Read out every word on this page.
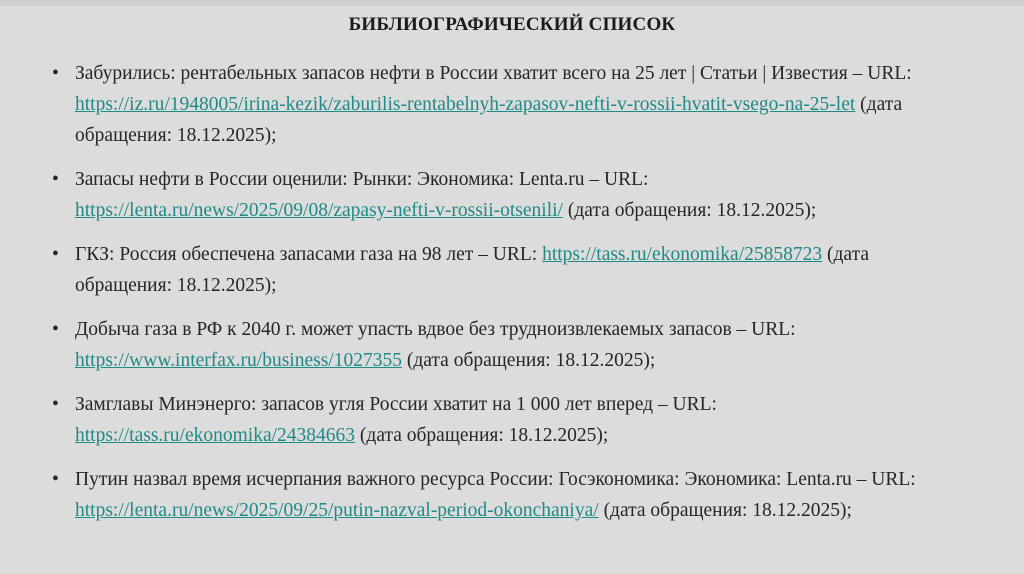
БИБЛИОГРАФИЧЕСКИЙ СПИСОК
• Забурились: рентабельных запасов нефти в России хватит всего на 25 лет | Статьи | Известия – URL: https://iz.ru/1948005/irina-kezik/zaburilis-rentabelnyh-zapasov-nefti-v-rossii-hvatit-vsego-na-25-let (дата обращения: 18.12.2025);
• Запасы нефти в России оценили: Рынки: Экономика: Lenta.ru – URL: https://lenta.ru/news/2025/09/08/zapasy-nefti-v-rossii-otsenili/ (дата обращения: 18.12.2025);
• ГКЗ: Россия обеспечена запасами газа на 98 лет – URL: https://tass.ru/ekonomika/25858723 (дата обращения: 18.12.2025);
• Добыча газа в РФ к 2040 г. может упасть вдвое без трудноизвлекаемых запасов – URL: https://www.interfax.ru/business/1027355 (дата обращения: 18.12.2025);
• Замглавы Минэнерго: запасов угля России хватит на 1 000 лет вперед – URL: https://tass.ru/ekonomika/24384663 (дата обращения: 18.12.2025);
• Путин назвал время исчерпания важного ресурса России: Госэкономика: Экономика: Lenta.ru – URL: https://lenta.ru/news/2025/09/25/putin-nazval-period-okonchaniya/ (дата обращения: 18.12.2025);
